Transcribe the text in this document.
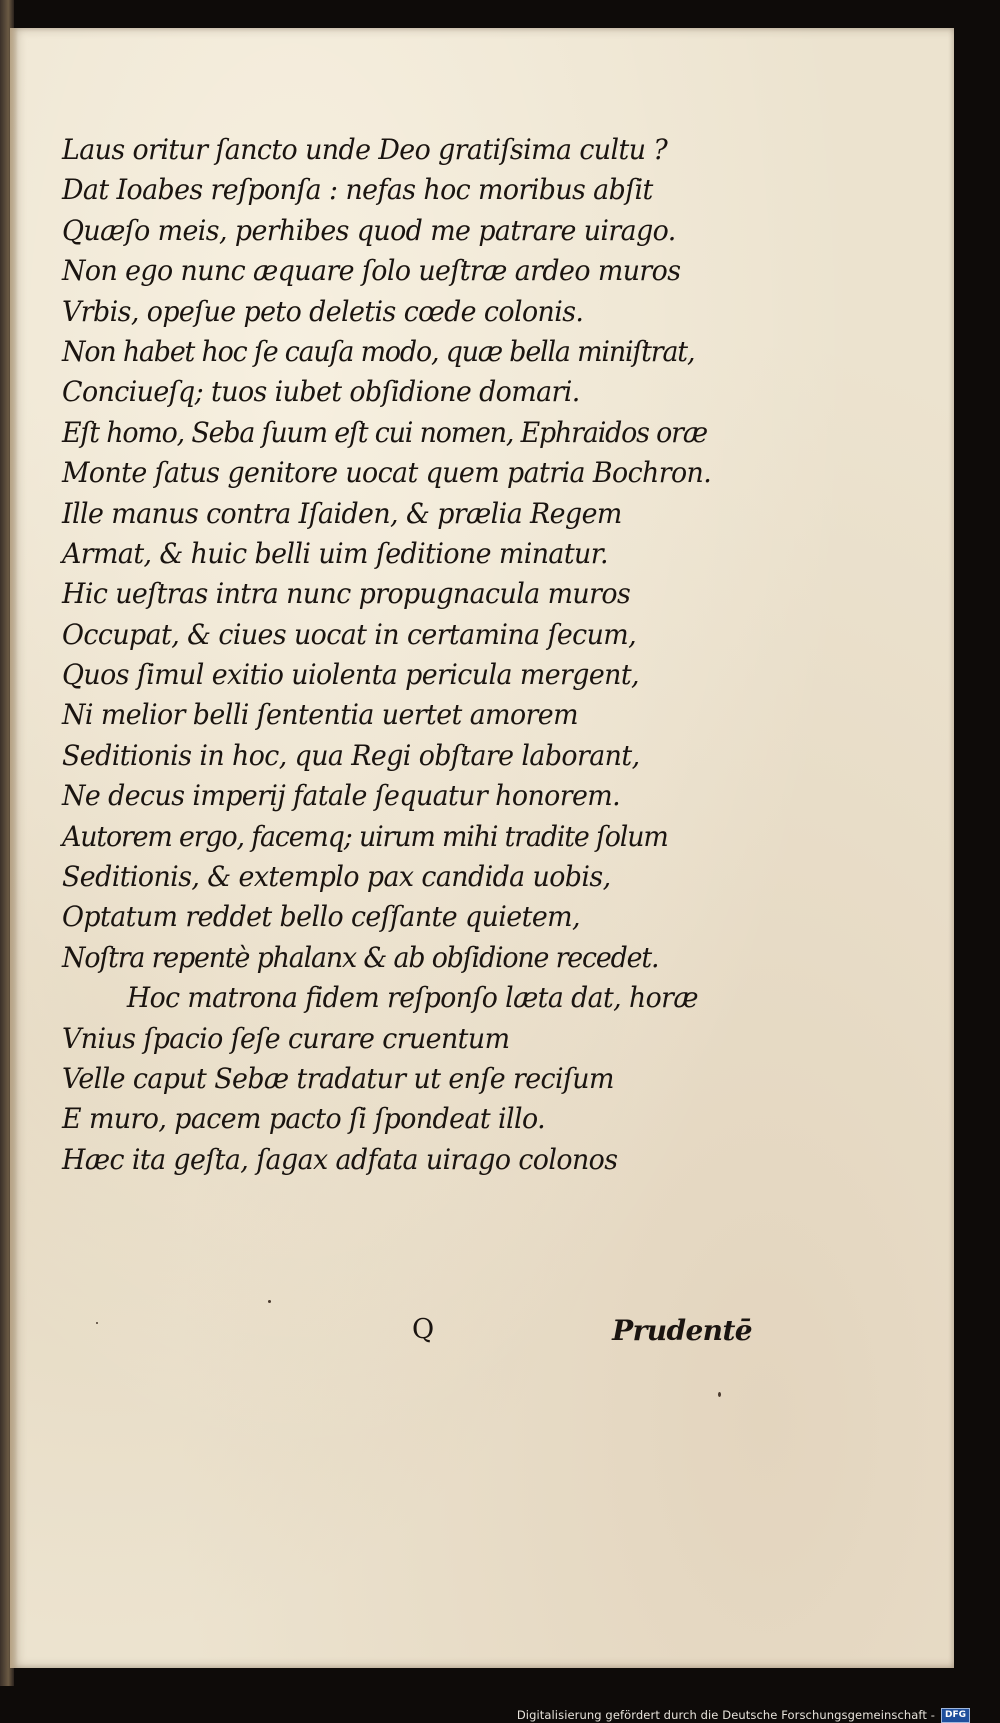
Laus oritur ſancto unde Deo gratiſsima cultu ?
Dat Ioabes reſponſa : nefas hoc moribus abſit
Quæſo meis, perhibes quod me patrare uirago.
Non ego nunc æquare ſolo ueſtræ ardeo muros
Vrbis, opeſue peto deletis cœde colonis.
Non habet hoc ſe cauſa modo, quæ bella miniſtrat,
Conciueſq; tuos iubet obſidione domari.
Eſt homo, Seba ſuum eſt cui nomen, Ephraidos oræ
Monte ſatus genitore uocat quem patria Bochron.
Ille manus contra Iſaiden, & prælia Regem
Armat, & huic belli uim ſeditione minatur.
Hic ueſtras intra nunc propugnacula muros
Occupat, & ciues uocat in certamina ſecum,
Quos ſimul exitio uiolenta pericula mergent,
Ni melior belli ſententia uertet amorem
Seditionis in hoc, qua Regi obſtare laborant,
Ne decus imperij fatale ſequatur honorem.
Autorem ergo, facemq; uirum mihi tradite ſolum
Seditionis, & extemplo pax candida uobis,
Optatum reddet bello ceſſante quietem,
Noſtra repentè phalanx & ab obſidione recedet.
Hoc matrona fidem reſponſo læta dat, horæ
Vnius ſpacio ſeſe curare cruentum
Velle caput Sebæ tradatur ut enſe reciſum
E muro, pacem pacto ſi ſpondeat illo.
Hæc ita geſta, ſagax adfata uirago colonos
Q	Prudentē
Digitalisierung gefördert durch die Deutsche Forschungsgemeinschaft -	DFG
